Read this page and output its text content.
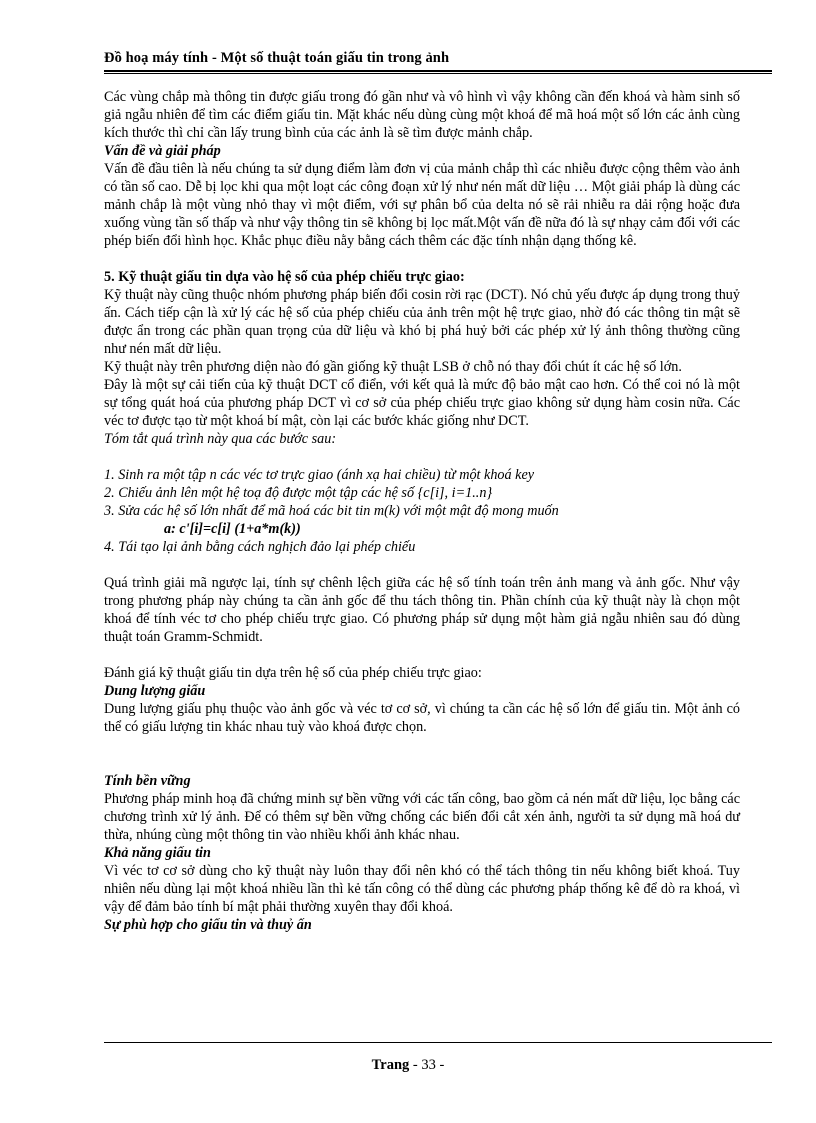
Đồ hoạ máy tính - Một số thuật toán giấu tin trong ảnh

Các vùng chắp mà thông tin được giấu trong đó gần như và vô hình vì vậy không cần đến khoá và hàm sinh số giả ngẫu nhiên để tìm các điểm giấu tin. Mặt khác nếu dùng cùng một khoá để mã hoá một số lớn các ảnh cùng kích thước thì chỉ cần lấy trung bình của các ảnh là sẽ tìm được mảnh chắp.

Vấn đề và giải pháp

Vấn đề đầu tiên là nếu chúng ta sử dụng điểm làm đơn vị của mảnh chắp thì các nhiễu được cộng thêm vào ảnh có tần số cao. Dễ bị lọc khi qua một loạt các công đoạn xử lý như nén mất dữ liệu … Một giải pháp là dùng các mảnh chắp là một vùng nhỏ thay vì một điểm, với sự phân bổ của delta nó sẽ rải nhiễu ra dải rộng hoặc đưa xuống vùng tần số thấp và như vậy thông tin sẽ không bị lọc mất.Một vấn đề nữa đó là sự nhạy cảm đối với các phép biến đổi hình học. Khắc phục điều nằy bằng cách thêm các đặc tính nhận dạng thống kê.

5. Kỹ thuật giấu tin dựa vào hệ số của phép chiếu trực giao:

Kỹ thuật này cũng thuộc nhóm phương pháp biến đổi cosin rời rạc (DCT). Nó chủ yếu được áp dụng trong thuỷ ấn. Cách tiếp cận là xử lý các hệ số của phép chiếu của ảnh trên một hệ trực giao, nhờ đó các thông tin mật sẽ được ẩn trong các phần quan trọng của dữ liệu và khó bị phá huỷ bởi các phép xử lý ảnh thông thường cũng như nén mất dữ liệu.

Kỹ thuật này trên phương diện nào đó gần giống kỹ thuật LSB ở chỗ nó thay đổi chút ít các hệ số lớn.

Đây là một sự cải tiến của kỹ thuật DCT cổ điển, với kết quả là mức độ bảo mật cao hơn. Có thể coi nó là một sự tổng quát hoá của phương pháp DCT vì cơ sở của phép chiếu trực giao không sử dụng hàm cosin nữa. Các véc tơ được tạo từ một khoá bí mật, còn lại các bước khác giống như DCT.

Tóm tắt quá trình này qua các bước sau:

1. Sinh ra một tập n các véc tơ trực giao (ánh xạ hai chiều) từ một khoá key

2. Chiếu ảnh lên một hệ toạ độ được một tập các hệ số {c[i], i=1..n}

3. Sửa các hệ số lớn nhất để mã hoá các bit tin m(k) với một mật độ mong muốn

a: c'[i]=c[i] (1+a*m(k))

4. Tái tạo lại ảnh bằng cách nghịch đảo lại phép chiếu

Quá trình giải mã ngược lại, tính sự chênh lệch giữa các hệ số tính toán trên ảnh mang và ảnh gốc. Như vậy trong phương pháp này chúng ta cần ảnh gốc để thu tách thông tin. Phần chính của kỹ thuật này là chọn một khoá để tính véc tơ cho phép chiếu trực giao. Có phương pháp sử dụng một hàm giả ngẫu nhiên sau đó dùng thuật toán Gramm-Schmidt.

Đánh giá kỹ thuật giấu tin dựa trên hệ số của phép chiếu trực giao:

Dung lượng giấu

Dung lượng giấu phụ thuộc vào ảnh gốc và véc tơ cơ sở, vì chúng ta cần các hệ số lớn để giấu tin. Một ảnh có thể có giấu lượng tin khác nhau tuỳ vào khoá được chọn.

Tính bền vững

Phương pháp minh hoạ đã chứng minh sự bền vững với các tấn công, bao gồm cả nén mất dữ liệu, lọc bằng các chương trình xử lý ảnh. Để có thêm sự bền vững chống các biến đổi cắt xén ảnh, người ta sử dụng mã hoá dư thừa, nhúng cùng một thông tin vào nhiều khối ảnh khác nhau.

Khả năng giấu tin

Vì véc tơ cơ sở dùng cho kỹ thuật này luôn thay đổi nên khó có thể tách thông tin nếu không biết khoá. Tuy nhiên nếu dùng lại một khoá nhiều lần thì kẻ tấn công có thể dùng các phương pháp thống kê để dò ra khoá, vì vậy để đảm bảo tính bí mật phải thường xuyên thay đổi khoá.

Sự phù hợp cho giấu tin và thuỷ ấn

Trang - 33 -
